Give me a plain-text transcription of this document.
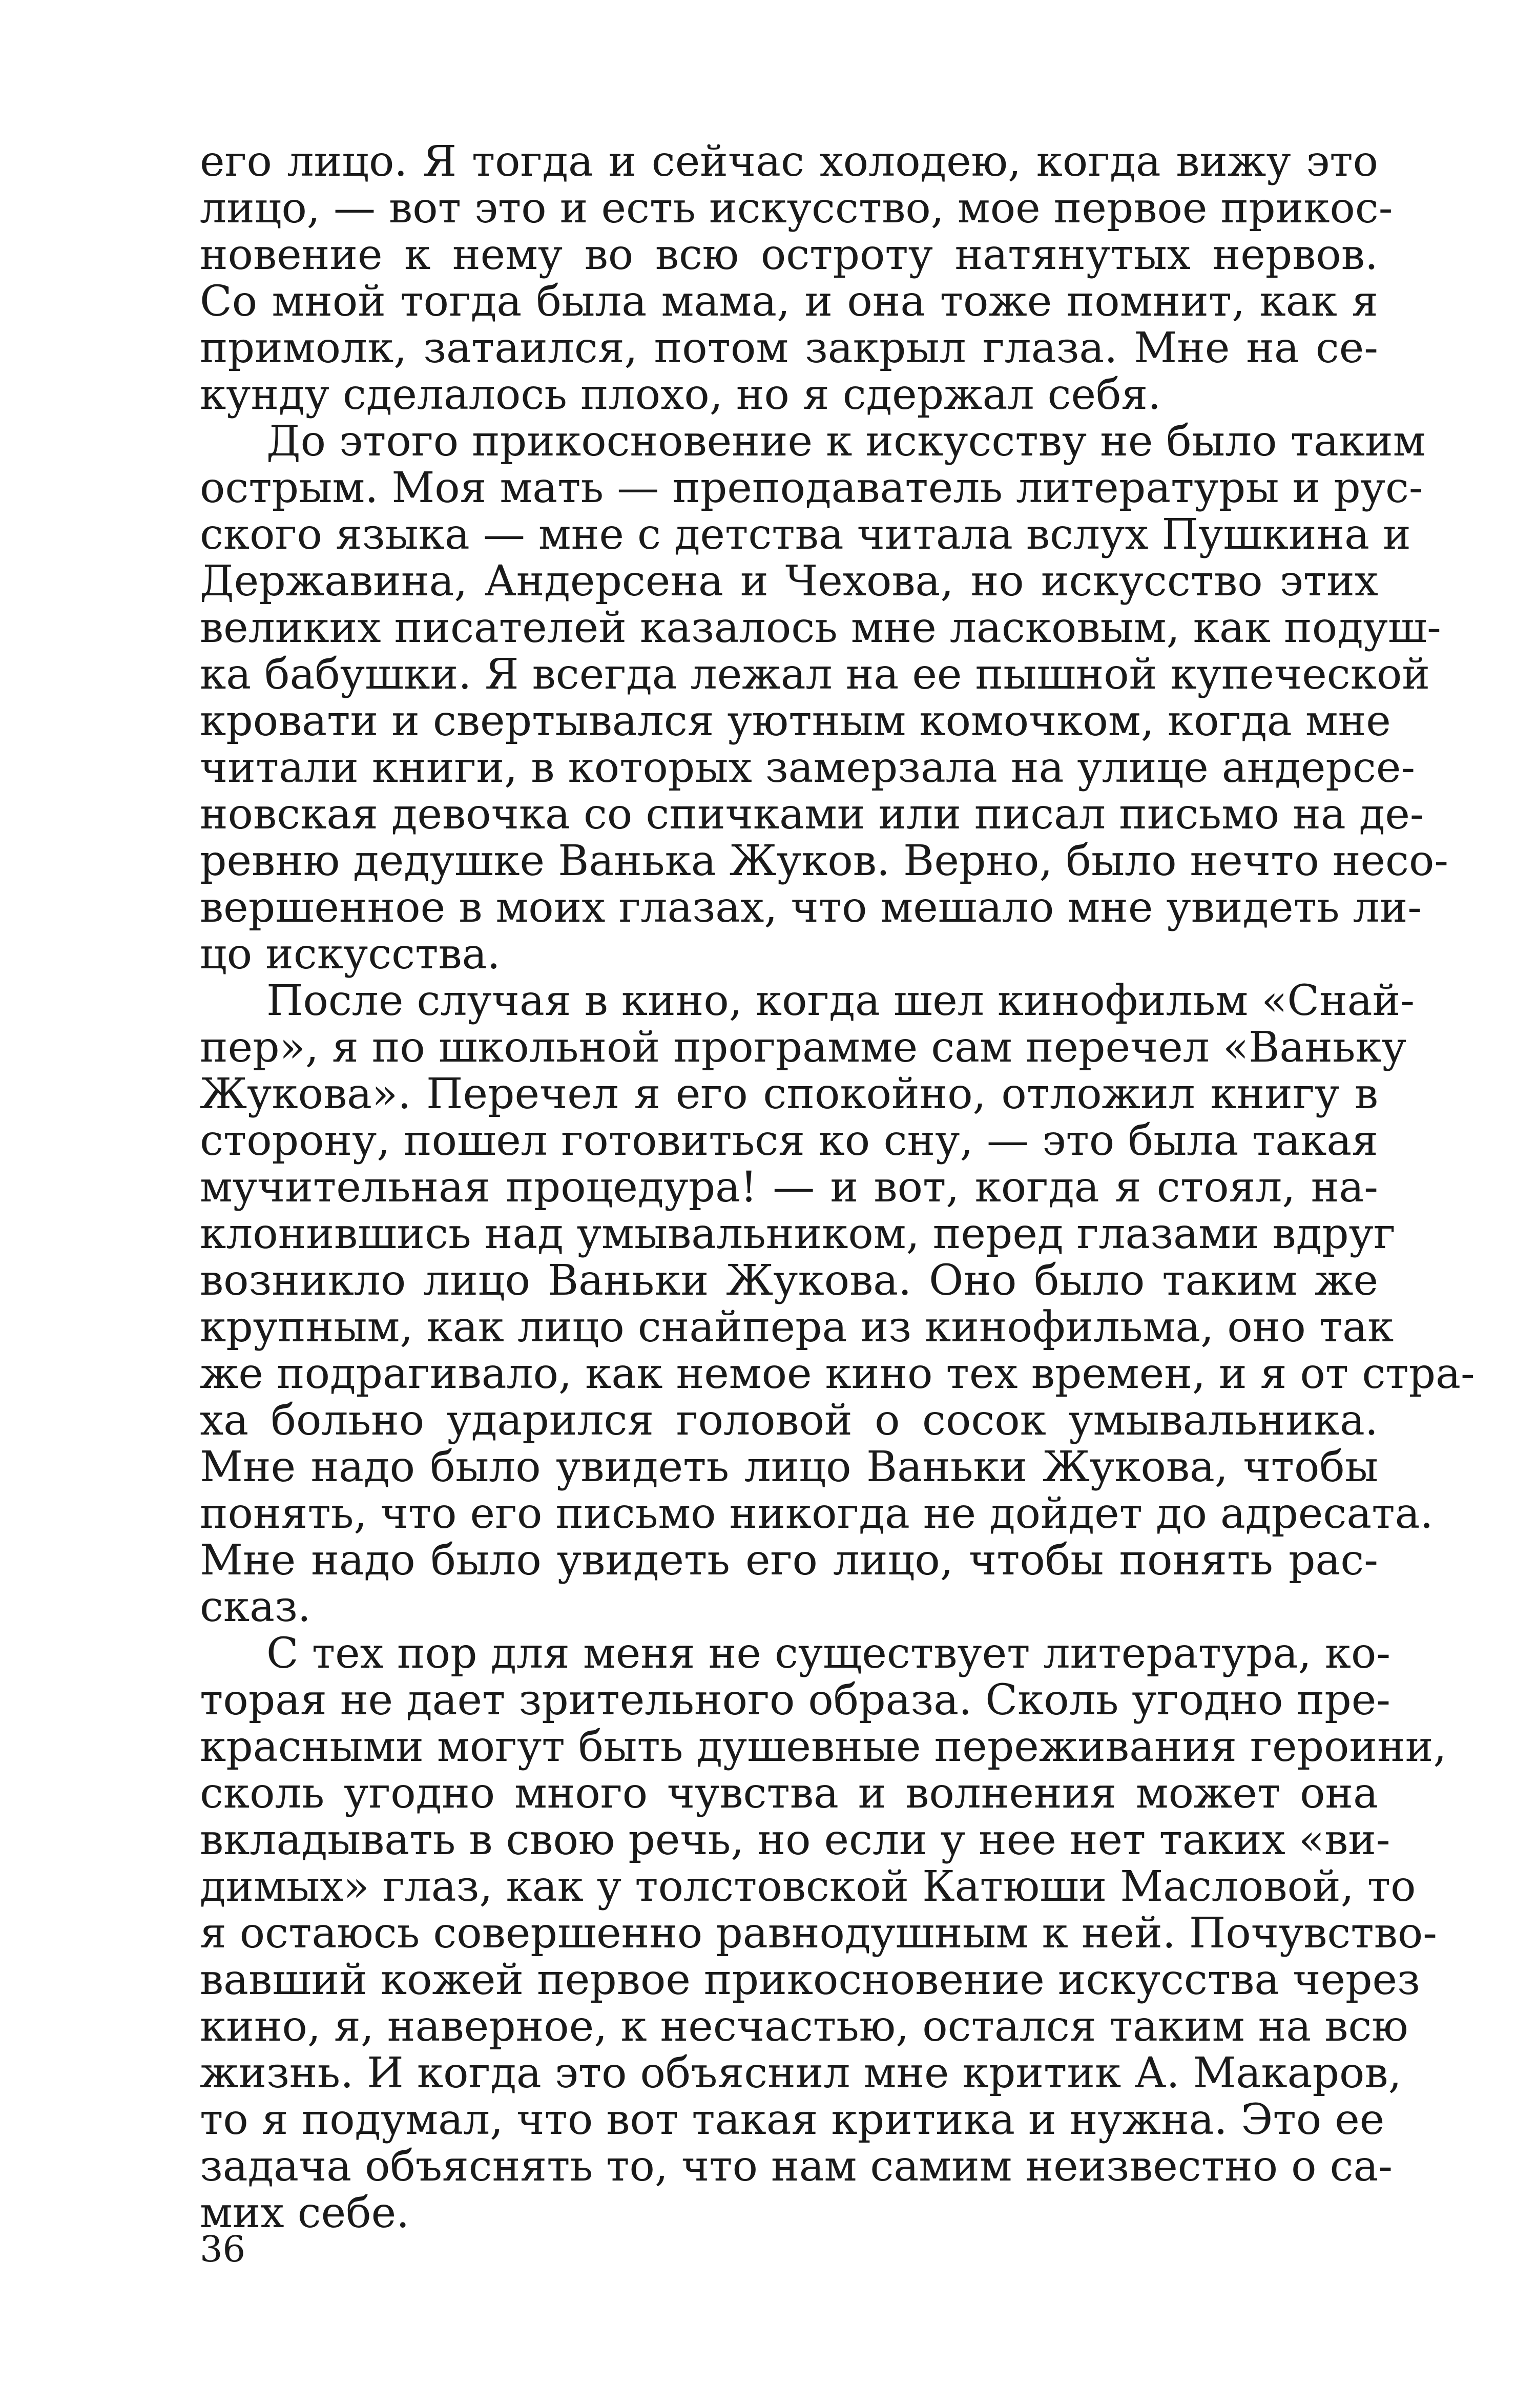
его лицо. Я тогда и сейчас холодею, когда вижу это
лицо, — вот это и есть искусство, мое первое прикос-
новение к нему во всю остроту натянутых нервов.
Со мной тогда была мама, и она тоже помнит, как я
примолк, затаился, потом закрыл глаза. Мне на се-
кунду сделалось плохо, но я сдержал себя.
До этого прикосновение к искусству не было таким
острым. Моя мать — преподаватель литературы и рус-
ского языка — мне с детства читала вслух Пушкина и
Державина, Андерсена и Чехова, но искусство этих
великих писателей казалось мне ласковым, как подуш-
ка бабушки. Я всегда лежал на ее пышной купеческой
кровати и свертывался уютным комочком, когда мне
читали книги, в которых замерзала на улице андерсе-
новская девочка со спичками или писал письмо на де-
ревню дедушке Ванька Жуков. Верно, было нечто несо-
вершенное в моих глазах, что мешало мне увидеть ли-
цо искусства.
После случая в кино, когда шел кинофильм «Снай-
пер», я по школьной программе сам перечел «Ваньку
Жукова». Перечел я его спокойно, отложил книгу в
сторону, пошел готовиться ко сну, — это была такая
мучительная процедура! — и вот, когда я стоял, на-
клонившись над умывальником, перед глазами вдруг
возникло лицо Ваньки Жукова. Оно было таким же
крупным, как лицо снайпера из кинофильма, оно так
же подрагивало, как немое кино тех времен, и я от стра-
ха больно ударился головой о сосок умывальника.
Мне надо было увидеть лицо Ваньки Жукова, чтобы
понять, что его письмо никогда не дойдет до адресата.
Мне надо было увидеть его лицо, чтобы понять рас-
сказ.
С тех пор для меня не существует литература, ко-
торая не дает зрительного образа. Сколь угодно пре-
красными могут быть душевные переживания героини,
сколь угодно много чувства и волнения может она
вкладывать в свою речь, но если у нее нет таких «ви-
димых» глаз, как у толстовской Катюши Масловой, то
я остаюсь совершенно равнодушным к ней. Почувство-
вавший кожей первое прикосновение искусства через
кино, я, наверное, к несчастью, остался таким на всю
жизнь. И когда это объяснил мне критик А. Макаров,
то я подумал, что вот такая критика и нужна. Это ее
задача объяснять то, что нам самим неизвестно о са-
мих себе.
36
